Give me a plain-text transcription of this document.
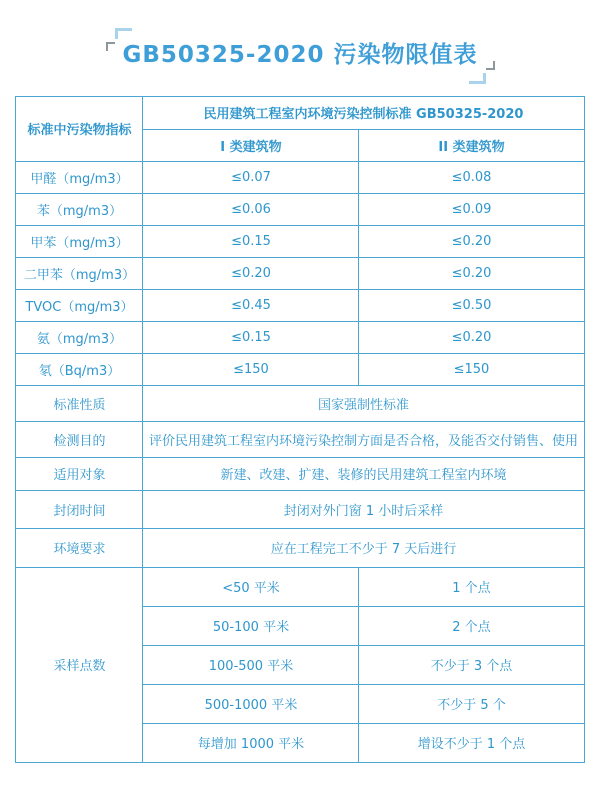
GB50325-2020 污染物限值表
标准中污染物指标	民用建筑工程室内环境污染控制标准 GB50325-2020	
	I 类建筑物	II 类建筑物
甲醛（mg/m3）	≤0.07	≤0.08
苯（mg/m3）	≤0.06	≤0.09
甲苯（mg/m3）	≤0.15	≤0.20
二甲苯（mg/m3）	≤0.20	≤0.20
TVOC（mg/m3）	≤0.45	≤0.50
氨（mg/m3）	≤0.15	≤0.20
氡（Bq/m3）	≤150	≤150
标准性质	国家强制性标准	
检测目的	评价民用建筑工程室内环境污染控制方面是否合格，及能否交付销售、使用	
适用对象	新建、改建、扩建、装修的民用建筑工程室内环境	
封闭时间	封闭对外门窗 1 小时后采样	
环境要求	应在工程完工不少于 7 天后进行	
采样点数	<50 平米	1 个点
	50-100 平米	2 个点
	100-500 平米	不少于 3 个点
	500-1000 平米	不少于 5 个
	每增加 1000 平米	增设不少于 1 个点
